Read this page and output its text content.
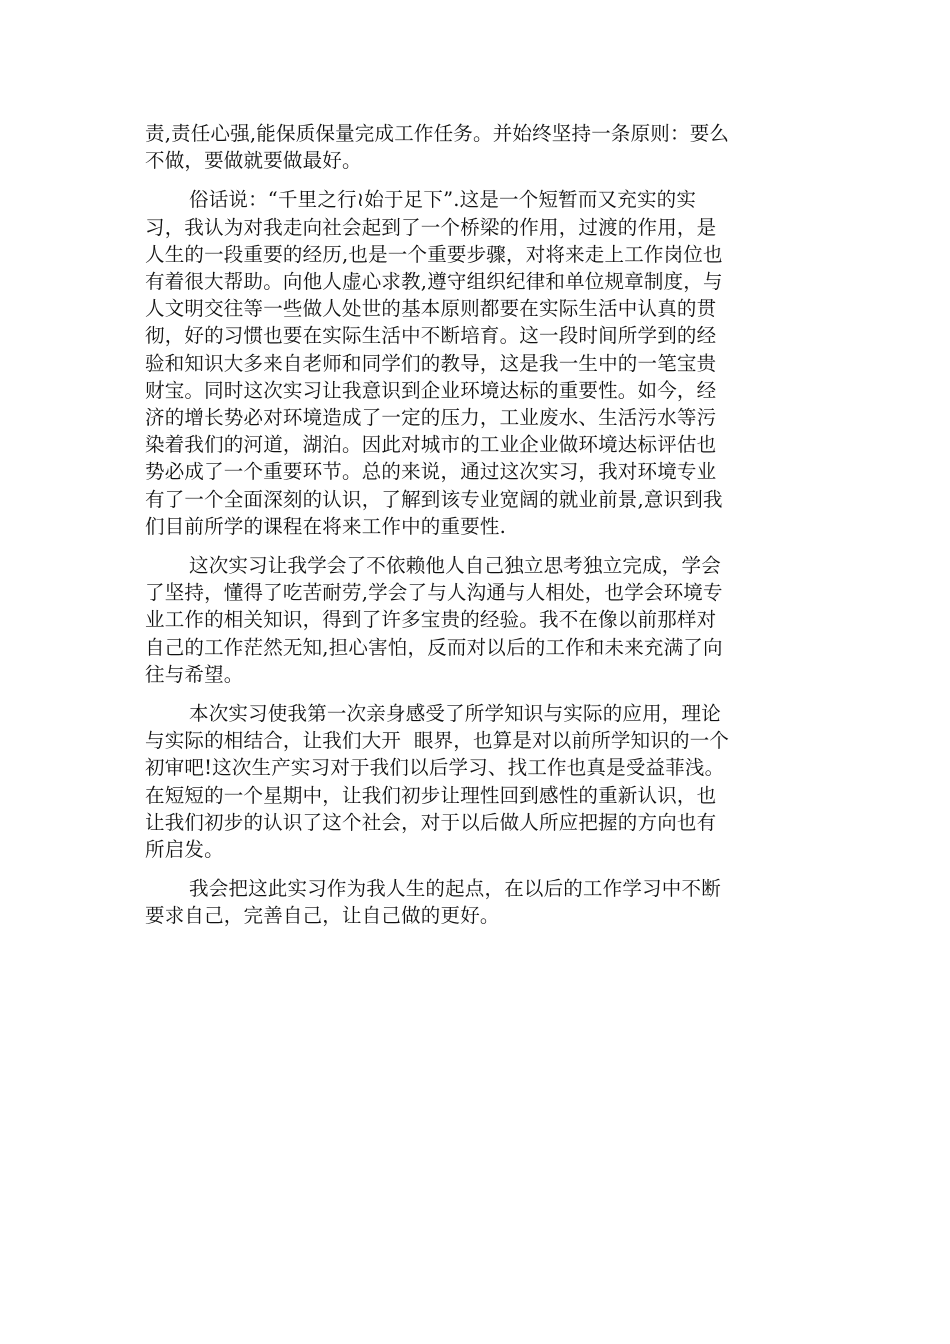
责,责任心强,能保质保量完成工作任务。并始终坚持一条原则：要么
不做，要做就要做最好。
俗话说：“千里之行≀始于足下”.这是一个短暂而又充实的实
习，我认为对我走向社会起到了一个桥梁的作用，过渡的作用，是
人生的一段重要的经历,也是一个重要步骤，对将来走上工作岗位也
有着很大帮助。向他人虚心求教,遵守组织纪律和单位规章制度，与
人文明交往等一些做人处世的基本原则都要在实际生活中认真的贯
彻，好的习惯也要在实际生活中不断培育。这一段时间所学到的经
验和知识大多来自老师和同学们的教导，这是我一生中的一笔宝贵
财宝。同时这次实习让我意识到企业环境达标的重要性。如今，经
济的增长势必对环境造成了一定的压力，工业废水、生活污水等污
染着我们的河道，湖泊。因此对城市的工业企业做环境达标评估也
势必成了一个重要环节。总的来说，通过这次实习，我对环境专业
有了一个全面深刻的认识，了解到该专业宽阔的就业前景,意识到我
们目前所学的课程在将来工作中的重要性.
这次实习让我学会了不依赖他人自己独立思考独立完成，学会
了坚持，懂得了吃苦耐劳,学会了与人沟通与人相处，也学会环境专
业工作的相关知识，得到了许多宝贵的经验。我不在像以前那样对
自己的工作茫然无知,担心害怕，反而对以后的工作和未来充满了向
往与希望。
本次实习使我第一次亲身感受了所学知识与实际的应用，理论
与实际的相结合，让我们大开  眼界，也算是对以前所学知识的一个
初审吧!这次生产实习对于我们以后学习、找工作也真是受益菲浅。
在短短的一个星期中，让我们初步让理性回到感性的重新认识，也
让我们初步的认识了这个社会，对于以后做人所应把握的方向也有
所启发。
我会把这此实习作为我人生的起点，在以后的工作学习中不断
要求自己，完善自己，让自己做的更好。
